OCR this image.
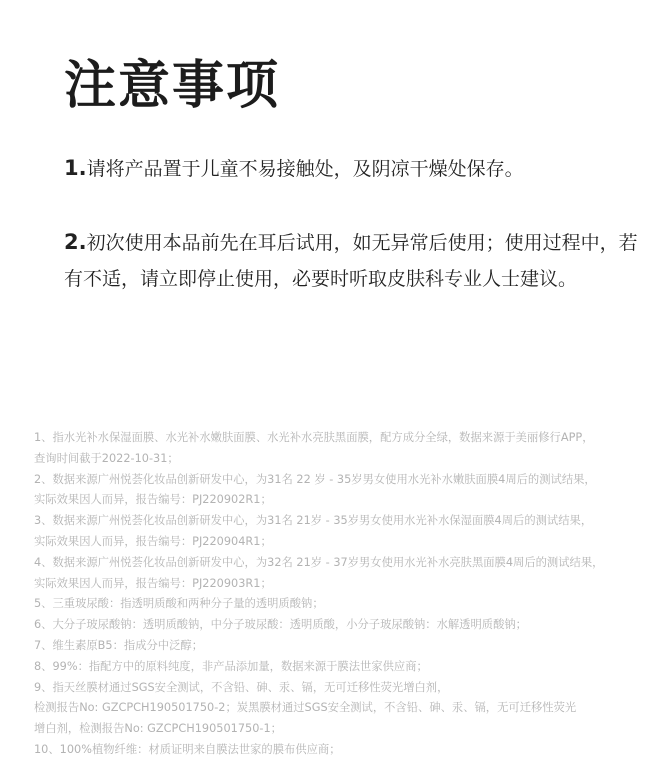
注意事项
1.请将产品置于儿童不易接触处，及阴凉干燥处保存。
2.初次使用本品前先在耳后试用，如无异常后使用；使用过程中，若有不适，请立即停止使用，必要时听取皮肤科专业人士建议。
1、指水光补水保湿面膜、水光补水嫩肤面膜、水光补水亮肤黑面膜，配方成分全绿，数据来源于美丽修行APP，
查询时间截于2022-10-31；
2、数据来源广州悦荟化妆品创新研发中心，为31名 22 岁 - 35岁男女使用水光补水嫩肤面膜4周后的测试结果，
实际效果因人而异，报告编号：PJ220902R1；
3、数据来源广州悦荟化妆品创新研发中心，为31名 21岁 - 35岁男女使用水光补水保湿面膜4周后的测试结果，
实际效果因人而异，报告编号：PJ220904R1；
4、数据来源广州悦荟化妆品创新研发中心，为32名 21岁 - 37岁男女使用水光补水亮肤黑面膜4周后的测试结果，
实际效果因人而异，报告编号：PJ220903R1；
5、三重玻尿酸：指透明质酸和两种分子量的透明质酸钠；
6、大分子玻尿酸钠：透明质酸钠，中分子玻尿酸：透明质酸，小分子玻尿酸钠：水解透明质酸钠；
7、维生素原B5：指成分中泛醇；
8、99%：指配方中的原料纯度，非产品添加量，数据来源于膜法世家供应商；
9、指天丝膜材通过SGS安全测试，不含铅、砷、汞、镉，无可迁移性荧光增白剂，
检测报告No: GZCPCH190501750-2；炭黑膜材通过SGS安全测试，不含铅、砷、汞、镉，无可迁移性荧光
增白剂，检测报告No: GZCPCH190501750-1；
10、100%植物纤维：材质证明来自膜法世家的膜布供应商；
